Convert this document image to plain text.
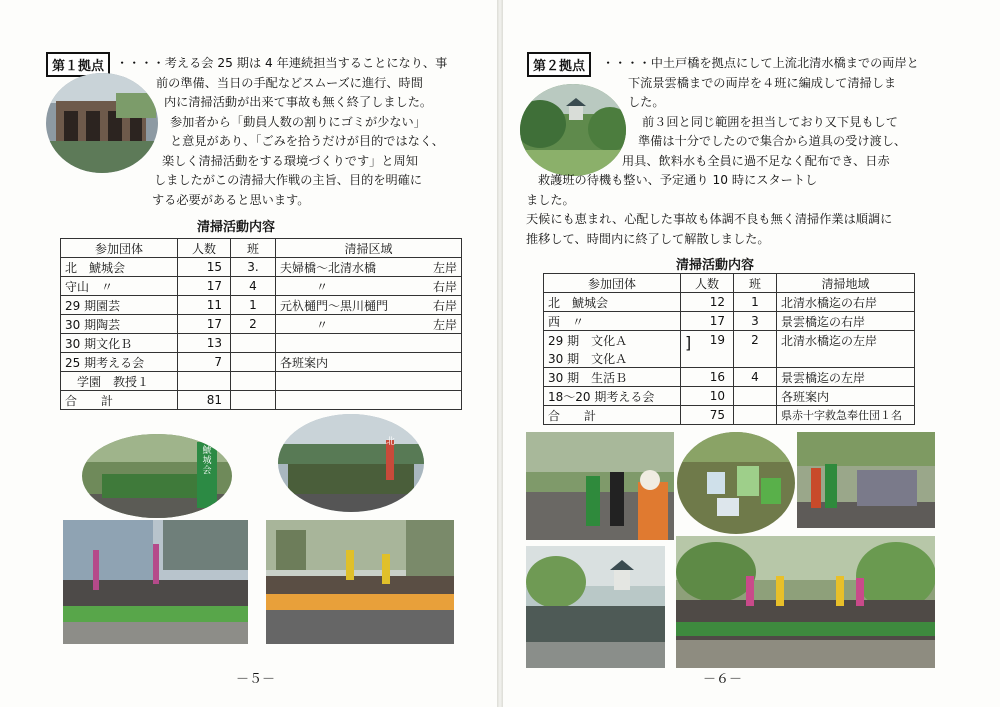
第１拠点 ・・・・考える会 25 期は 4 年連続担当することになり、事
前の準備、当日の手配などスムーズに進行、時間
内に清掃活動が出来て事故も無く終了しました。
参加者から「動員人数の割りにゴミが少ない」
と意見があり、「ごみを拾うだけが目的ではなく、
楽しく清掃活動をする環境づくりです」と周知
しましたがこの清掃大作戦の主旨、目的を明確に
する必要があると思います。
清掃活動内容
参加団体	人数	班	清掃区域	
北　鯱城会	15	3.	夫婦橋～北清水橋	左岸
守山　〃	17	4	〃	右岸
29 期園芸	11	1	元杁樋門～黒川樋門	右岸
30 期陶芸	17	2	〃	左岸
30 期文化Ｂ	13			
25 期考える会	7		各班案内	
　学園　教授１				
合　　計	81			
鯱城会
北
－５－
第２拠点	・・・・中土戸橋を拠点にして上流北清水橋までの両岸と
下流景雲橋までの両岸を４班に編成して清掃しま
した。
前３回と同じ範囲を担当しており又下見もして
準備は十分でしたので集合から道具の受け渡し、
用具、飲料水も全員に過不足なく配布でき、日赤
救護班の待機も整い、予定通り 10 時にスタートし
ました。
天候にも恵まれ、心配した事故も体調不良も無く清掃作業は順調に
推移して、時間内に終了して解散しました。
清掃活動内容
参加団体	人数	班	清掃地域
北　鯱城会	12	1	北清水橋迄の右岸
西　〃	17	3	景雲橋迄の右岸
29 期　文化Ａ	] 19	2	北清水橋迄の左岸
30 期　文化Ａ			
30 期　生活Ｂ	16	4	景雲橋迄の左岸
18～20 期考える会	10		各班案内
合　　計	75		県赤十字救急奉仕団１名
－６－
